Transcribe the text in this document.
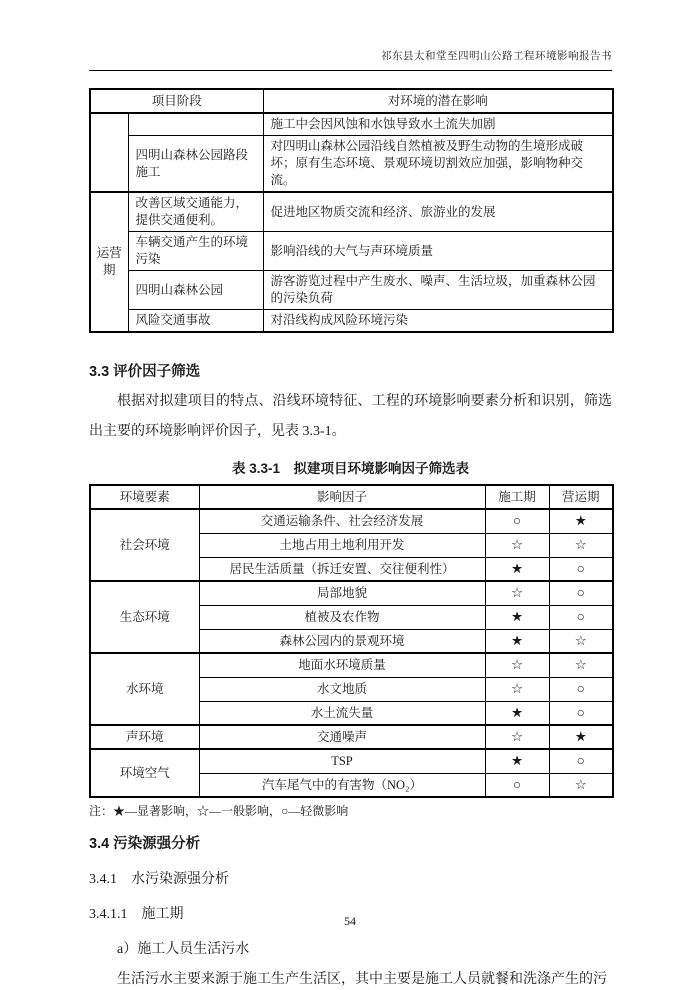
祁东县太和堂至四明山公路工程环境影响报告书
项目阶段		对环境的潜在影响
		施工中会因风蚀和水蚀导致水土流失加剧
	四明山森林公园路段施工	对四明山森林公园沿线自然植被及野生动物的生境形成破坏；原有生态环境、景观环境切割效应加强，影响物种交流。
运营期	改善区域交通能力，提供交通便利。	促进地区物质交流和经济、旅游业的发展
	车辆交通产生的环境污染	影响沿线的大气与声环境质量
	四明山森林公园	游客游览过程中产生废水、噪声、生活垃圾，加重森林公园的污染负荷
	风险交通事故	对沿线构成风险环境污染
3.3 评价因子筛选

根据对拟建项目的特点、沿线环境特征、工程的环境影响要素分析和识别，筛选出主要的环境影响评价因子，见表 3.3-1。

表 3.3-1　拟建项目环境影响因子筛选表
环境要素	影响因子	施工期	营运期
社会环境	交通运输条件、社会经济发展	○	★
	土地占用土地利用开发	☆	☆
	居民生活质量（拆迁安置、交往便利性）	★	○
生态环境	局部地貌	☆	○
	植被及农作物	★	○
	森林公园内的景观环境	★	☆
水环境	地面水环境质量	☆	☆
	水文地质	☆	○
	水土流失量	★	○
声环境	交通噪声	☆	★
环境空气	TSP	★	○
	汽车尾气中的有害物（NO₂）	○	☆

注：★—显著影响，☆—一般影响，○—轻微影响

3.4 污染源强分析

3.4.1　水污染源强分析

3.4.1.1　施工期

a）施工人员生活污水

生活污水主要来源于施工生产生活区，其中主要是施工人员就餐和洗涤产生的污

54
